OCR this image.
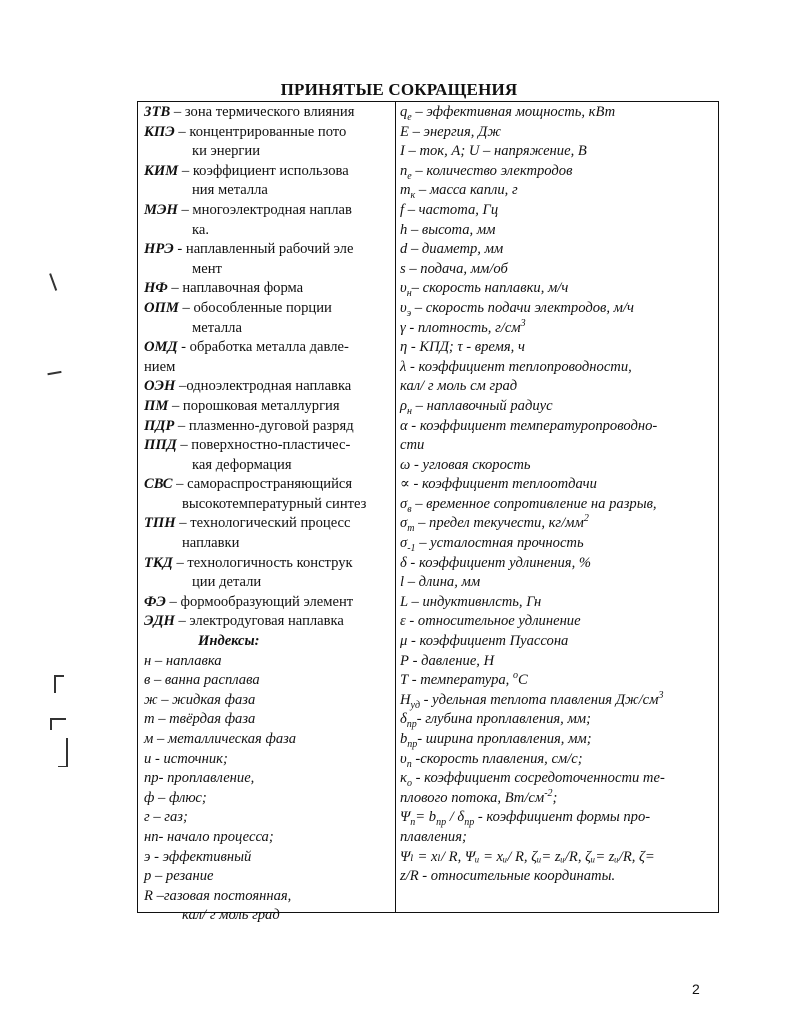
ПРИНЯТЫЕ СОКРАЩЕНИЯ
ЗТВ – зона термического влияния
КПЭ – концентрированные пото
ки энергии
КИМ – коэффициент использова
ния металла
МЭН – многоэлектродная наплав
ка.
НРЭ - наплавленный рабочий эле
мент
НФ – наплавочная форма
ОПМ – обособленные порции
металла
ОМД - обработка металла давле-
нием
ОЭН –одноэлектродная наплавка
ПМ – порошковая металлургия
ПДР – плазменно-дуговой разряд
ППД – поверхностно-пластичес-
кая деформация
СВС – самораспространяющийся
высокотемпературный синтез
ТПН – технологический процесс
наплавки
ТКД – технологичность конструк
ции детали
ФЭ – формообразующий элемент
ЭДН – электродуговая наплавка
Индексы:
н – наплавка
в – ванна расплава
ж – жидкая фаза
т – твёрдая фаза
м – металлическая фаза
и - источник;
пр- проплавление,
ф – флюс;
г – газ;
нп- начало процесса;
э - эффективный
р – резание
R –газовая постоянная,
кал/ г моль град
$q_e$ – эффективная мощность, кВт
E – энергия, Дж
I – ток, А; U – напряжение, В
$n_e$ – количество электродов
$m_к$ – масса капли, г
f – частота, Гц
h – высота, мм
d – диаметр, мм
s – подача, мм/об
$\upsilon_н-$ скорость наплавки, м/ч
$\upsilon_э$ – скорость подачи электродов, м/ч
γ - плотность, $г/см^3$
η - КПД; τ - время, ч
λ - коэффициент теплопроводности,
кал/ г моль см град
$\rho_н$ – наплавочный радиус
α - коэффициент температуропроводно-
сти
ω - угловая скорость
∝ - коэффициент теплоотдачи
$\sigma_в$ – временное сопротивление на разрыв,
$\sigma_т$ – предел текучести, $кг/мм^2$
$\sigma_{-1}$ – усталостная прочность
δ - коэффициент удлинения, %
l – длина, мм
L – индуктивнлсть, Гн
ε - относительное удлинение
μ - коэффициент Пуассона
Р - давление, Н
Т - температура, $^o$С
$H_{уд}$ - удельная теплота плавления $Дж/см^3$
$\delta_{пр}-$ глубина проплавления, мм;
$b_{пр}-$ ширина проплавления, мм;
$\upsilon_п$ -скорость плавления, см/с;
$\kappa_o$ - коэффициент сосредоточенности те-
плового потока, $Вт/см^{-2}$;
$\Psi_п= b_{пр} / \delta_{пр}$ - коэффициент формы про-
плавления;
Ψₗ = xₗ/ R, Ψᵤ = xᵤ/ R, ζᵤ= zᵤ/R, ζᵤ= zᵤ/R, ζ=
z/R - относительные координаты.
2
